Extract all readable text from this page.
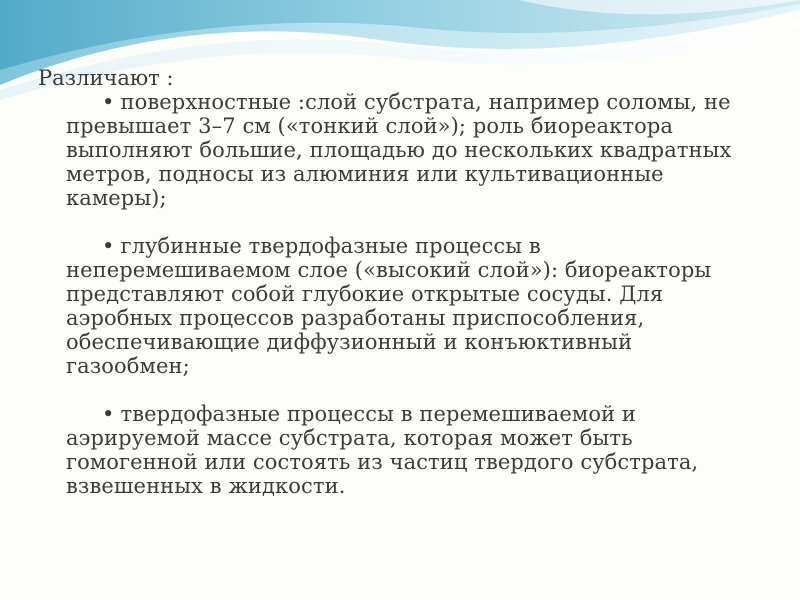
Различают :

• поверхностные :слой субстрата, например соломы, не превышает 3–7 см («тонкий слой»); роль биореактора выполняют большие, площадью до нескольких квадратных метров, подносы из алюминия или культивационные камеры);

• глубинные твердофазные процессы в неперемешиваемом слое («высокий слой»): биореакторы представляют собой глубокие открытые сосуды. Для аэробных процессов разработаны приспособления, обеспечивающие диффузионный и конъюктивный газообмен;

• твердофазные процессы в перемешиваемой и аэрируемой массе субстрата, которая может быть гомогенной или состоять из частиц твердого субстрата, взвешенных в жидкости.
